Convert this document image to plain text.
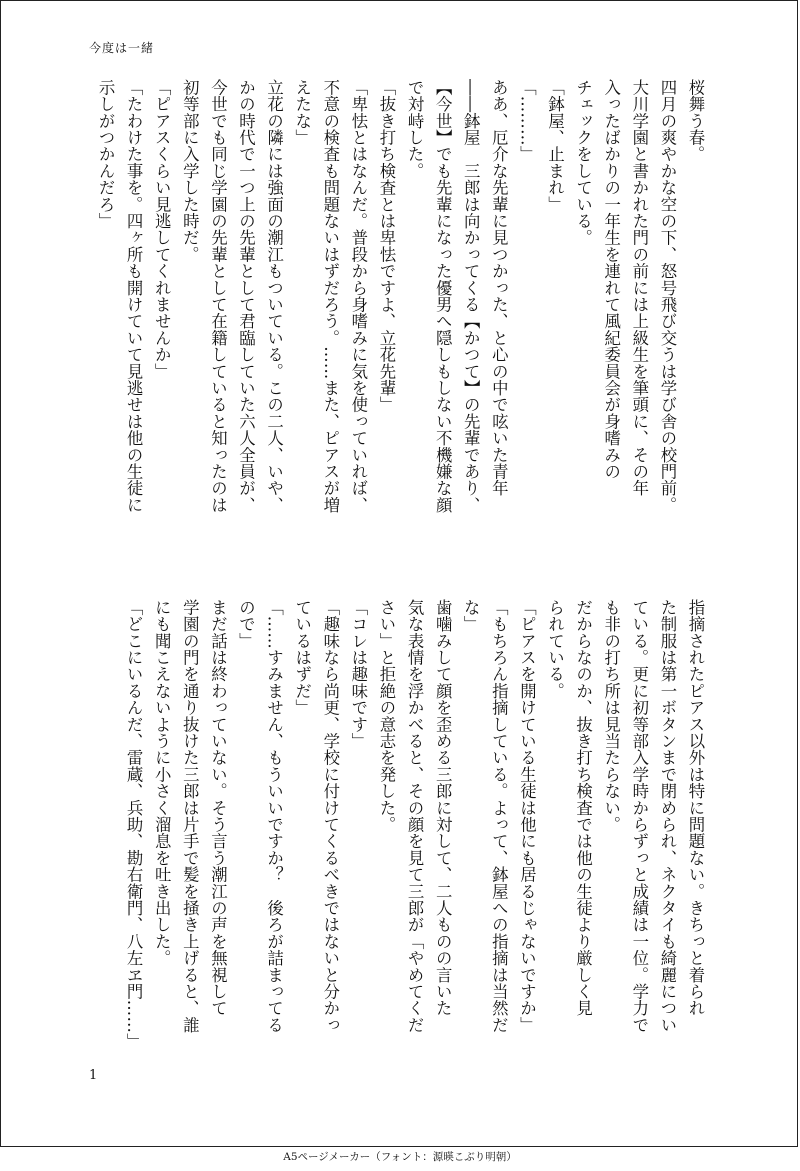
今度は一緒
桜舞う春。
四月の爽やかな空の下、怒号飛び交うは学び舎の校門前。
大川学園と書かれた門の前には上級生を筆頭に、その年
入ったばかりの一年生を連れて風紀委員会が身嗜みの
チェックをしている。
「鉢屋、止まれ」
「………」
ああ、厄介な先輩に見つかった、と心の中で呟いた青年
――鉢屋　三郎は向かってくる【かつて】の先輩であり、
【今世】でも先輩になった優男へ隠しもしない不機嫌な顔
で対峙した。
「抜き打ち検査とは卑怯ですよ、立花先輩」
「卑怯とはなんだ。普段から身嗜みに気を使っていれば、
不意の検査も問題ないはずだろう。……また、ピアスが増
えたな」
立花の隣には強面の潮江もついている。この二人、いや、
かの時代で一つ上の先輩として君臨していた六人全員が、
今世でも同じ学園の先輩として在籍していると知ったのは
初等部に入学した時だ。
「ピアスくらい見逃してくれませんか」
「たわけた事を。四ヶ所も開けていて見逃せは他の生徒に
示しがつかんだろ」
指摘されたピアス以外は特に問題ない。きちっと着られ
た制服は第一ボタンまで閉められ、ネクタイも綺麗につい
ている。更に初等部入学時からずっと成績は一位。学力で
も非の打ち所は見当たらない。
だからなのか、抜き打ち検査では他の生徒より厳しく見
られている。
「ピアスを開けている生徒は他にも居るじゃないですか」
「もちろん指摘している。よって、鉢屋への指摘は当然だ
な」
歯噛みして顔を歪める三郎に対して、二人ものの言いた
気な表情を浮かべると、その顔を見て三郎が「やめてくだ
さい」と拒絶の意志を発した。
「コレは趣味です」
「趣味なら尚更、学校に付けてくるべきではないと分かっ
ているはずだ」
「……すみません、もういいですか？　後ろが詰まってる
ので」
まだ話は終わっていない。そう言う潮江の声を無視して
学園の門を通り抜けた三郎は片手で髪を掻き上げると、誰
にも聞こえないように小さく溜息を吐き出した。
「どこにいるんだ、雷蔵、兵助、勘右衛門、八左ヱ門……」
1
A5ページメーカー（フォント：源暎こぶり明朝）
